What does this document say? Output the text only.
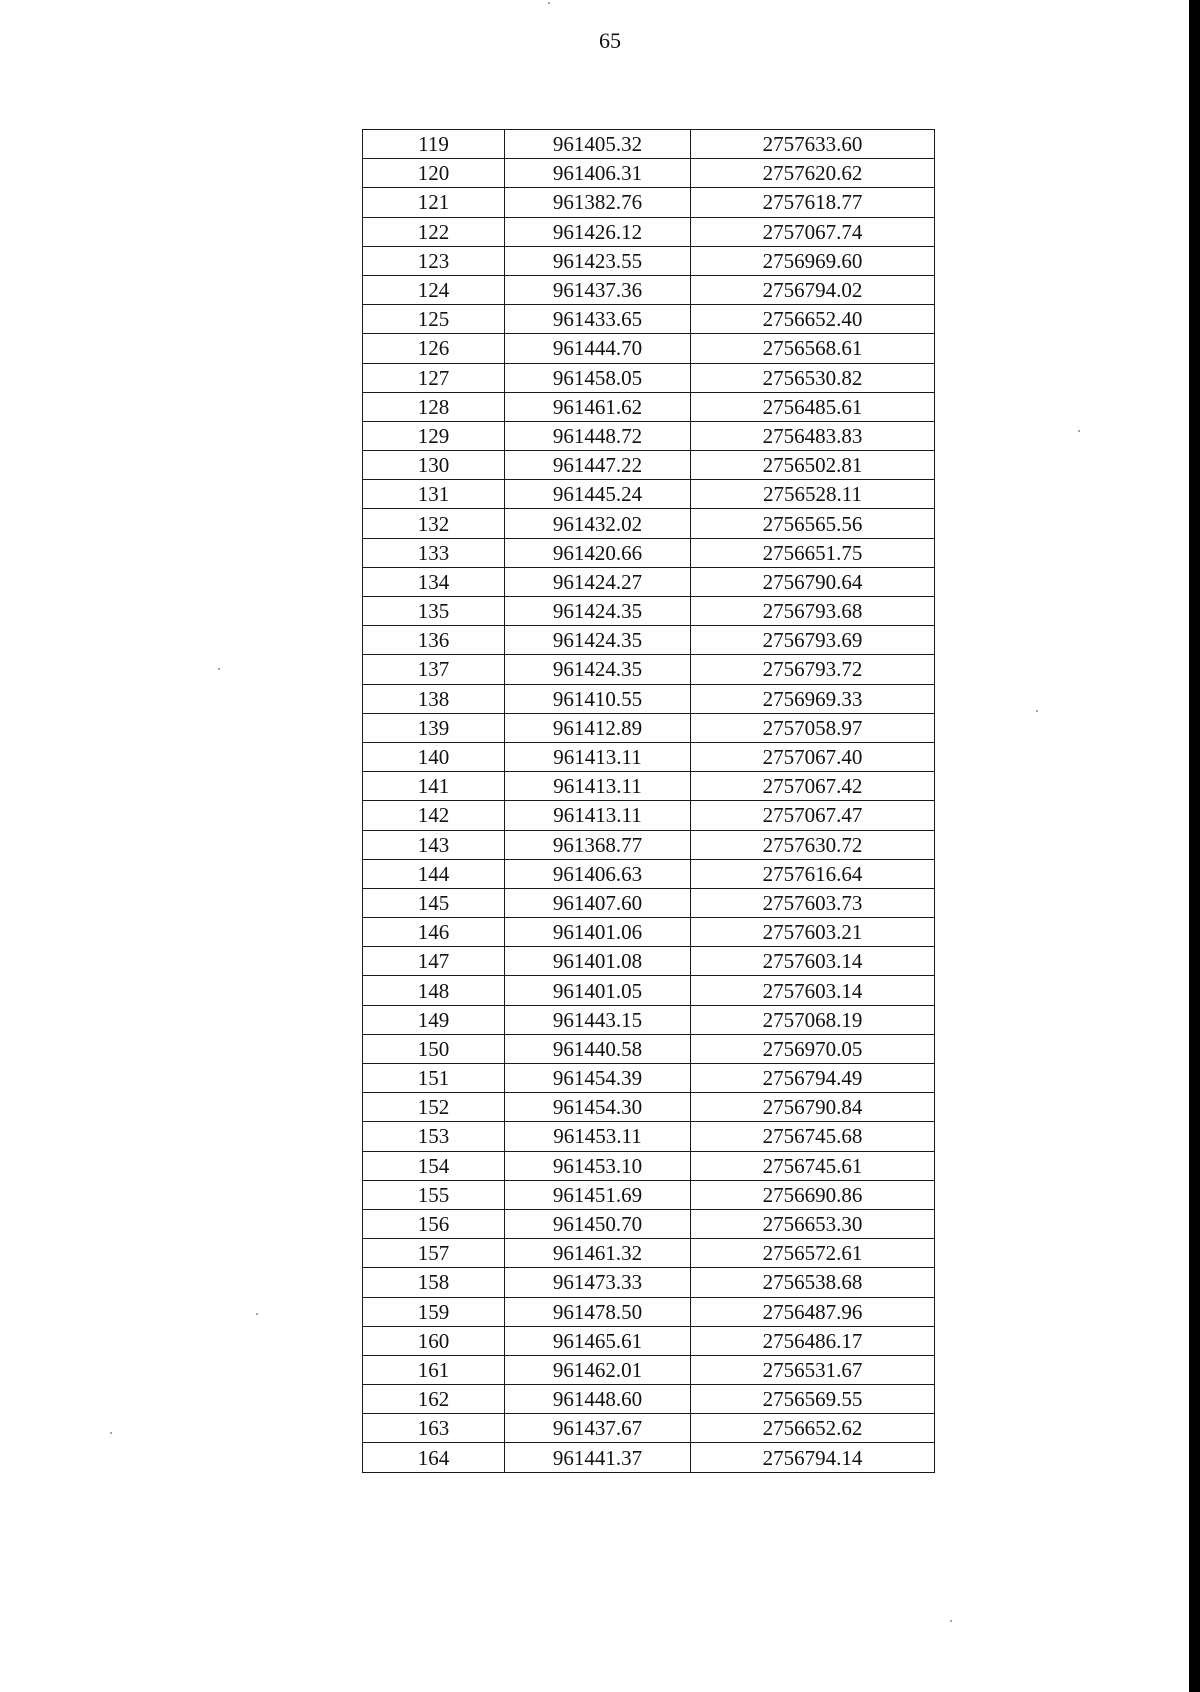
65
119	961405.32	2757633.60
120	961406.31	2757620.62
121	961382.76	2757618.77
122	961426.12	2757067.74
123	961423.55	2756969.60
124	961437.36	2756794.02
125	961433.65	2756652.40
126	961444.70	2756568.61
127	961458.05	2756530.82
128	961461.62	2756485.61
129	961448.72	2756483.83
130	961447.22	2756502.81
131	961445.24	2756528.11
132	961432.02	2756565.56
133	961420.66	2756651.75
134	961424.27	2756790.64
135	961424.35	2756793.68
136	961424.35	2756793.69
137	961424.35	2756793.72
138	961410.55	2756969.33
139	961412.89	2757058.97
140	961413.11	2757067.40
141	961413.11	2757067.42
142	961413.11	2757067.47
143	961368.77	2757630.72
144	961406.63	2757616.64
145	961407.60	2757603.73
146	961401.06	2757603.21
147	961401.08	2757603.14
148	961401.05	2757603.14
149	961443.15	2757068.19
150	961440.58	2756970.05
151	961454.39	2756794.49
152	961454.30	2756790.84
153	961453.11	2756745.68
154	961453.10	2756745.61
155	961451.69	2756690.86
156	961450.70	2756653.30
157	961461.32	2756572.61
158	961473.33	2756538.68
159	961478.50	2756487.96
160	961465.61	2756486.17
161	961462.01	2756531.67
162	961448.60	2756569.55
163	961437.67	2756652.62
164	961441.37	2756794.14
